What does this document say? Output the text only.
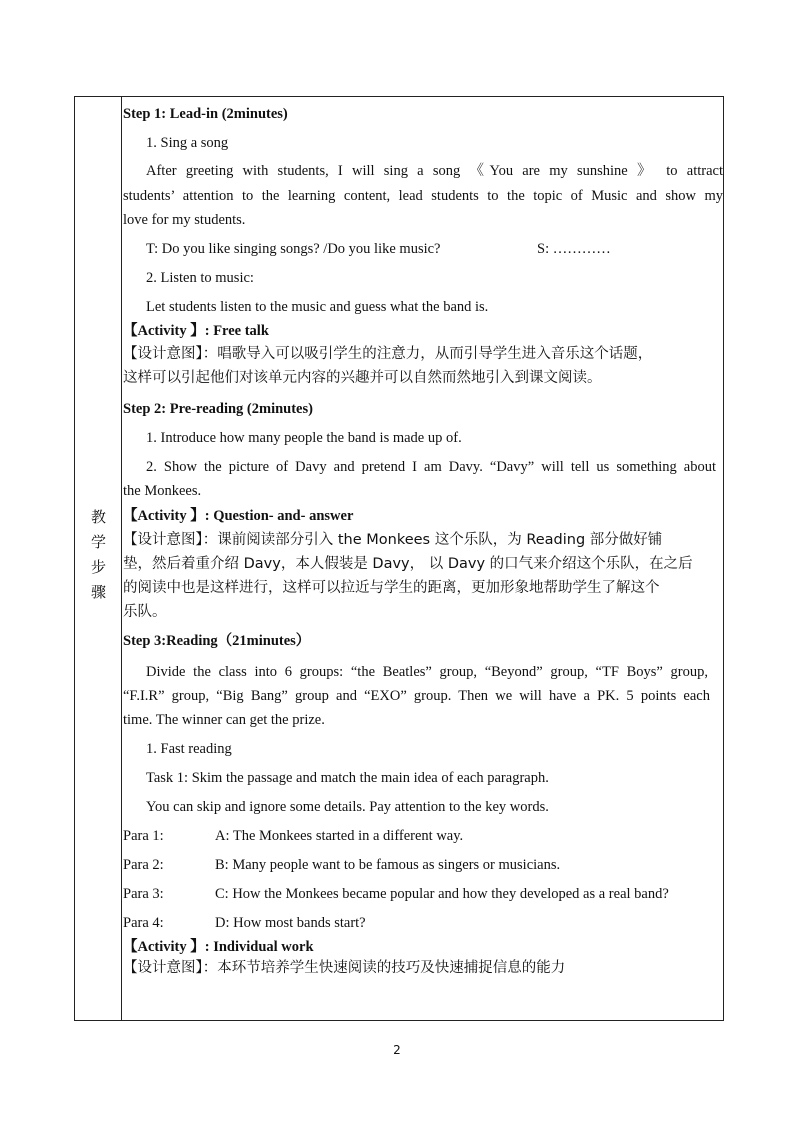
教
学
步
骤
Step 1: Lead-in (2minutes)
1. Sing a song
After greeting with students, I will sing a song 《You are my sunshine 》 to attract
students’ attention to the learning content, lead students to the topic of Music and show my
love for my students.
T: Do you like singing songs? /Do you like music?	S: …………
2. Listen to music:
Let students listen to the music and guess what the band is.
【Activity 】: Free talk
【设计意图】：唱歌导入可以吸引学生的注意力，从而引导学生进入音乐这个话题，
这样可以引起他们对该单元内容的兴趣并可以自然而然地引入到课文阅读。
Step 2: Pre-reading (2minutes)
1. Introduce how many people the band is made up of.
2. Show the picture of Davy and pretend I am Davy. “Davy” will tell us something about
the Monkees.
【Activity 】: Question- and- answer
【设计意图】：课前阅读部分引入 the Monkees 这个乐队，为 Reading 部分做好铺
垫，然后着重介绍 Davy，本人假装是 Davy， 以 Davy 的口气来介绍这个乐队，在之后
的阅读中也是这样进行，这样可以拉近与学生的距离，更加形象地帮助学生了解这个
乐队。
Step 3:Reading（21minutes）
Divide the class into 6 groups: “the Beatles” group, “Beyond” group, “TF Boys” group,
“F.I.R” group, “Big Bang” group and “EXO” group. Then we will have a PK. 5 points each
time. The winner can get the prize.
1. Fast reading
Task 1: Skim the passage and match the main idea of each paragraph.
You can skip and ignore some details. Pay attention to the key words.
Para 1:	A: The Monkees started in a different way.
Para 2:	B: Many people want to be famous as singers or musicians.
Para 3:	C: How the Monkees became popular and how they developed as a real band?
Para 4:	D: How most bands start?
【Activity 】: Individual work
【设计意图】：本环节培养学生快速阅读的技巧及快速捕捉信息的能力
2
